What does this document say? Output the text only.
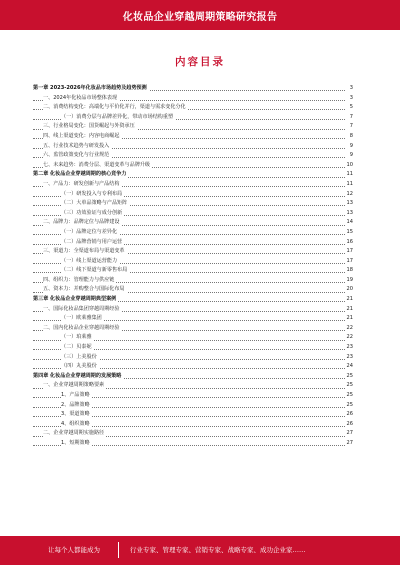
化妆品企业穿越周期策略研究报告
内容目录
第一章 2023-2026年化妆品市场趋势及趋势预测	3
一、2024年化妆品市场整体表现	3
二、消费结构变化：高端化与平价化并行，渠道与需求变化分化	5
（一）消费分层与品牌差异化，带动市场结构重塑	7
三、行业格局变化：国货崛起与外资承压	7
四、线上渠道变化：内容电商崛起	8
五、行业技术趋势与研发投入	9
六、监管政策变化与行业规范	9
七、未来趋势：消费分层、渠道变革与品牌升级	10
第二章 化妆品企业穿越周期的核心竞争力	11
一、产品力：研发创新与产品结构	11
（一）研发投入与专利布局	12
（二）大单品策略与产品矩阵	13
（三）功效验证与成分创新	13
二、品牌力：品牌定位与品牌建设	14
（一）品牌定位与差异化	15
（二）品牌营销与用户运营	16
三、渠道力：全渠道布局与渠道变革	17
（一）线上渠道运营能力	17
（二）线下渠道与新零售布局	18
四、组织力：管理能力与供应链	19
五、资本力：并购整合与国际化布局	20
第三章 化妆品企业穿越周期典型案例	21
一、国际化妆品集团穿越周期经验	21
（一）欧莱雅集团	21
二、国内化妆品企业穿越周期经验	22
（一）珀莱雅	22
（二）贝泰妮	23
（三）上美股份	23
（四）丸美股份	24
第四章 化妆品企业穿越周期的发展策略	25
一、企业穿越周期策略要素	25
1、产品策略	25
2、品牌策略	25
3、渠道策略	26
4、组织策略	26
二、企业穿越周期实施路径	27
1、短期策略	27
让每个人都能成为	行业专家、管理专家、营销专家、战略专家、成功企业家……
